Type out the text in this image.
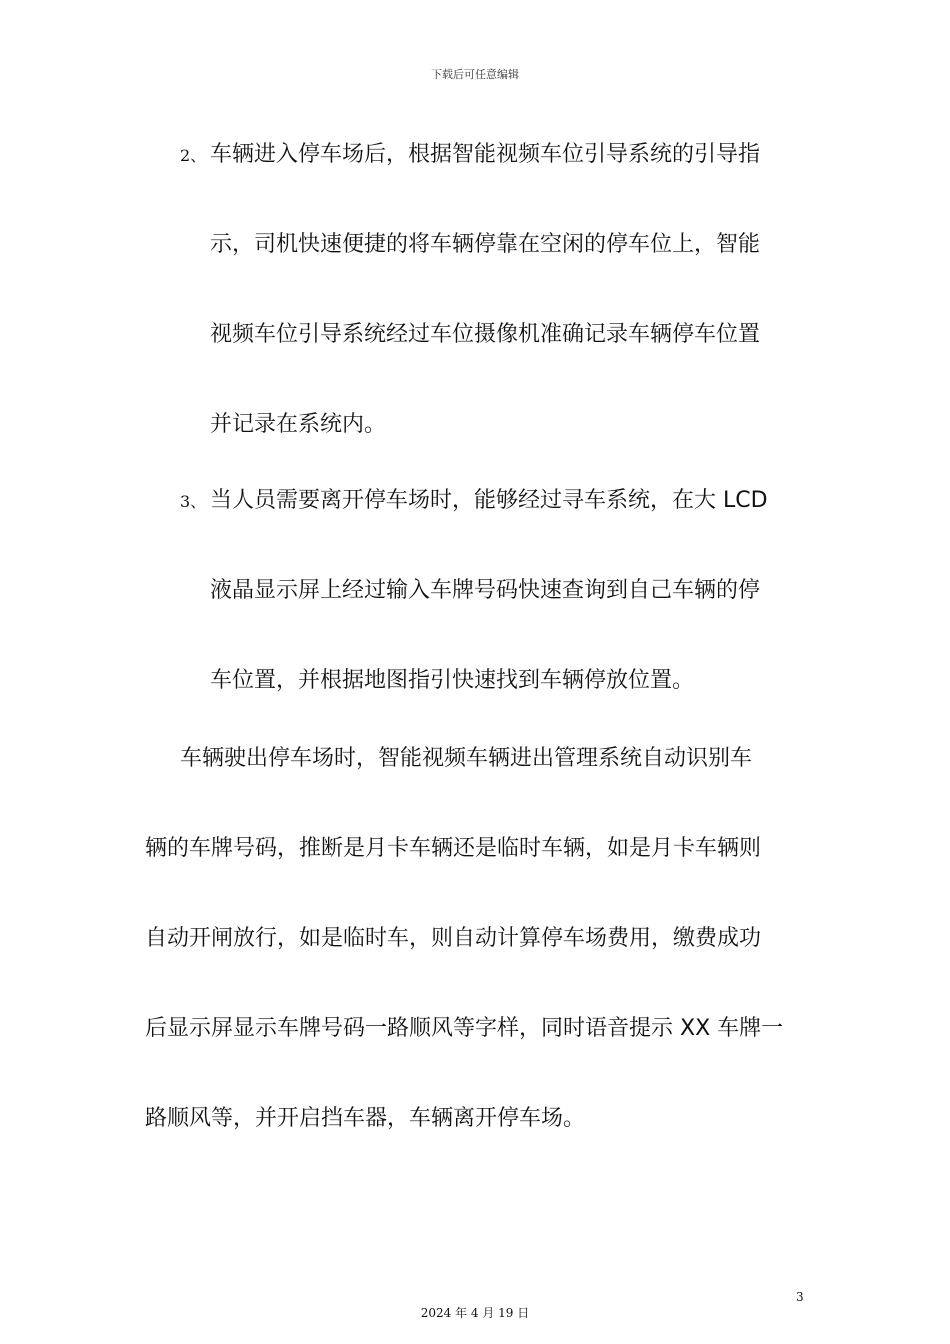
下载后可任意编辑
2、 车辆进入停车场后，根据智能视频车位引导系统的引导指
示，司机快速便捷的将车辆停靠在空闲的停车位上，智能
视频车位引导系统经过车位摄像机准确记录车辆停车位置
并记录在系统内。
3、 当人员需要离开停车场时，能够经过寻车系统，在大 LCD
液晶显示屏上经过输入车牌号码快速查询到自己车辆的停
车位置，并根据地图指引快速找到车辆停放位置。
车辆驶出停车场时，智能视频车辆进出管理系统自动识别车
辆的车牌号码，推断是月卡车辆还是临时车辆，如是月卡车辆则
自动开闸放行，如是临时车，则自动计算停车场费用，缴费成功
后显示屏显示车牌号码一路顺风等字样，同时语音提示 XX 车牌一
路顺风等，并开启挡车器，车辆离开停车场。
3
2024 年 4 月 19 日
